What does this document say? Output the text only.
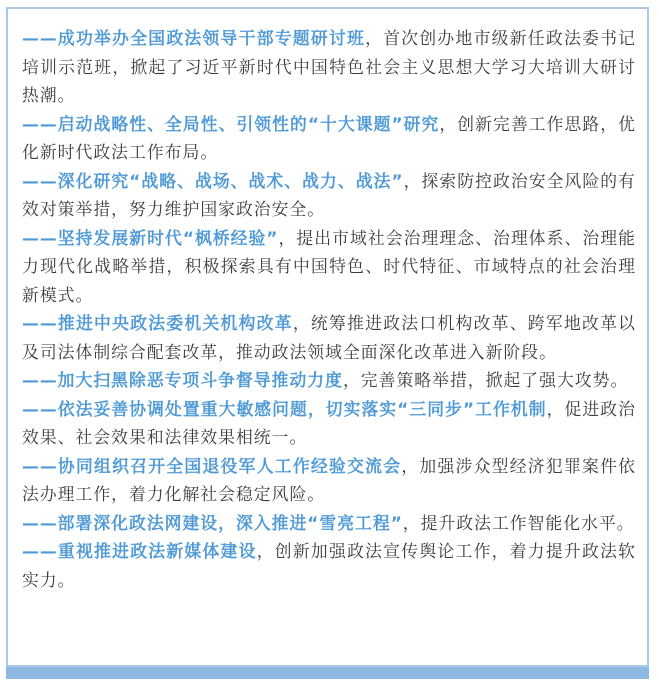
——成功举办全国政法领导干部专题研讨班，首次创办地市级新任政法委书记培训示范班，掀起了习近平新时代中国特色社会主义思想大学习大培训大研讨热潮。

——启动战略性、全局性、引领性的“十大课题”研究，创新完善工作思路，优化新时代政法工作布局。

——深化研究“战略、战场、战术、战力、战法”，探索防控政治安全风险的有效对策举措，努力维护国家政治安全。

——坚持发展新时代“枫桥经验”，提出市域社会治理理念、治理体系、治理能力现代化战略举措，积极探索具有中国特色、时代特征、市域特点的社会治理新模式。

——推进中央政法委机关机构改革，统筹推进政法口机构改革、跨军地改革以及司法体制综合配套改革，推动政法领域全面深化改革进入新阶段。

——加大扫黑除恶专项斗争督导推动力度，完善策略举措，掀起了强大攻势。

——依法妥善协调处置重大敏感问题，切实落实“三同步”工作机制，促进政治效果、社会效果和法律效果相统一。

——协同组织召开全国退役军人工作经验交流会，加强涉众型经济犯罪案件依法办理工作，着力化解社会稳定风险。

——部署深化政法网建设，深入推进“雪亮工程”，提升政法工作智能化水平。

——重视推进政法新媒体建设，创新加强政法宣传舆论工作，着力提升政法软实力。
